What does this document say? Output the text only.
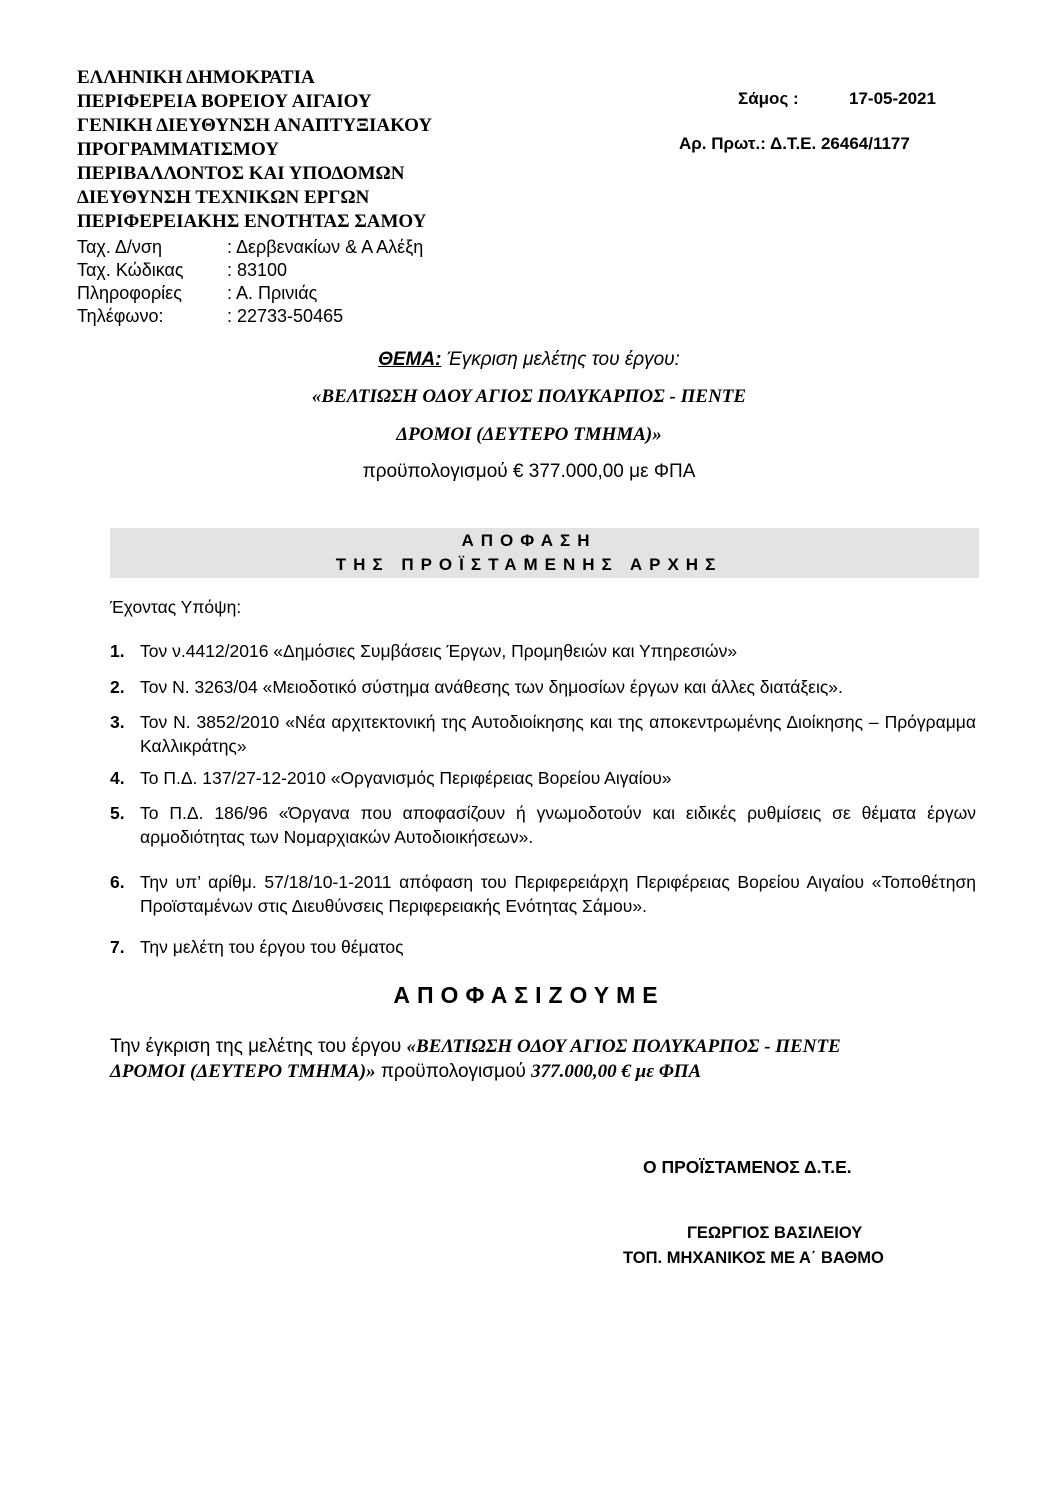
ΕΛΛΗΝΙΚΗ ΔΗΜΟΚΡΑΤΙΑ
ΠΕΡΙΦΕΡΕΙΑ ΒΟΡΕΙΟΥ ΑΙΓΑΙΟΥ
ΓΕΝΙΚΗ ΔΙΕΥΘΥΝΣΗ ΑΝΑΠΤΥΞΙΑΚΟΥ
ΠΡΟΓΡΑΜΜΑΤΙΣΜΟΥ
ΠΕΡΙΒΑΛΛΟΝΤΟΣ ΚΑΙ ΥΠΟΔΟΜΩΝ
ΔΙΕΥΘΥΝΣΗ ΤΕΧΝΙΚΩΝ ΕΡΓΩΝ
ΠΕΡΙΦΕΡΕΙΑΚΗΣ ΕΝΟΤΗΤΑΣ ΣΑΜΟΥ
Ταχ. Δ/νση	: Δερβενακίων & Α Αλέξη
Ταχ. Κώδικας : 83100
Πληροφορίες	: Α. Πρινιάς
Τηλέφωνο:	: 22733-50465
Σάμος :	17-05-2021
Αρ. Πρωτ.: Δ.Τ.Ε. 26464/1177
ΘΕΜΑ: Έγκριση μελέτης του έργου:
«ΒΕΛΤΙΩΣΗ ΟΔΟΥ ΑΓΙΟΣ ΠΟΛΥΚΑΡΠΟΣ - ΠΕΝΤΕ
ΔΡΟΜΟΙ (ΔΕΥΤΕΡΟ ΤΜΗΜΑ)»
προϋπολογισμού € 377.000,00 με ΦΠΑ
ΑΠΟΦΑΣΗ
ΤΗΣ ΠΡΟΪΣΤΑΜΕΝΗΣ ΑΡΧΗΣ
Έχοντας Υπόψη:
1. Τον ν.4412/2016 «Δημόσιες Συμβάσεις Έργων, Προμηθειών και Υπηρεσιών»
2. Τον Ν. 3263/04 «Μειοδοτικό σύστημα ανάθεσης των δημοσίων έργων και άλλες διατάξεις».
3. Τον Ν. 3852/2010 «Νέα αρχιτεκτονική της Αυτοδιοίκησης και της αποκεντρωμένης Διοίκησης – Πρόγραμμα Καλλικράτης»
4. Το Π.Δ. 137/27-12-2010 «Οργανισμός Περιφέρειας Βορείου Αιγαίου»
5. Το Π.Δ. 186/96 «Όργανα που αποφασίζουν ή γνωμοδοτούν και ειδικές ρυθμίσεις σε θέματα έργων αρμοδιότητας των Νομαρχιακών Αυτοδιοικήσεων».
6. Την υπ’ αρίθμ. 57/18/10-1-2011 απόφαση του Περιφερειάρχη Περιφέρειας Βορείου Αιγαίου «Τοποθέτηση Προϊσταμένων στις Διευθύνσεις Περιφερειακής Ενότητας Σάμου».
7. Την μελέτη του έργου του θέματος
ΑΠΟΦΑΣΙΖΟΥΜΕ
Την έγκριση της μελέτης του έργου «ΒΕΛΤΙΩΣΗ ΟΔΟΥ ΑΓΙΟΣ ΠΟΛΥΚΑΡΠΟΣ - ΠΕΝΤΕ
ΔΡΟΜΟΙ (ΔΕΥΤΕΡΟ ΤΜΗΜΑ)» προϋπολογισμού 377.000,00 € με ΦΠΑ
Ο ΠΡΟΪΣΤΑΜΕΝΟΣ Δ.Τ.Ε.
ΓΕΩΡΓΙΟΣ ΒΑΣΙΛΕΙΟΥ
ΤΟΠ. ΜΗΧΑΝΙΚΟΣ ΜΕ Α΄ ΒΑΘΜΟ
